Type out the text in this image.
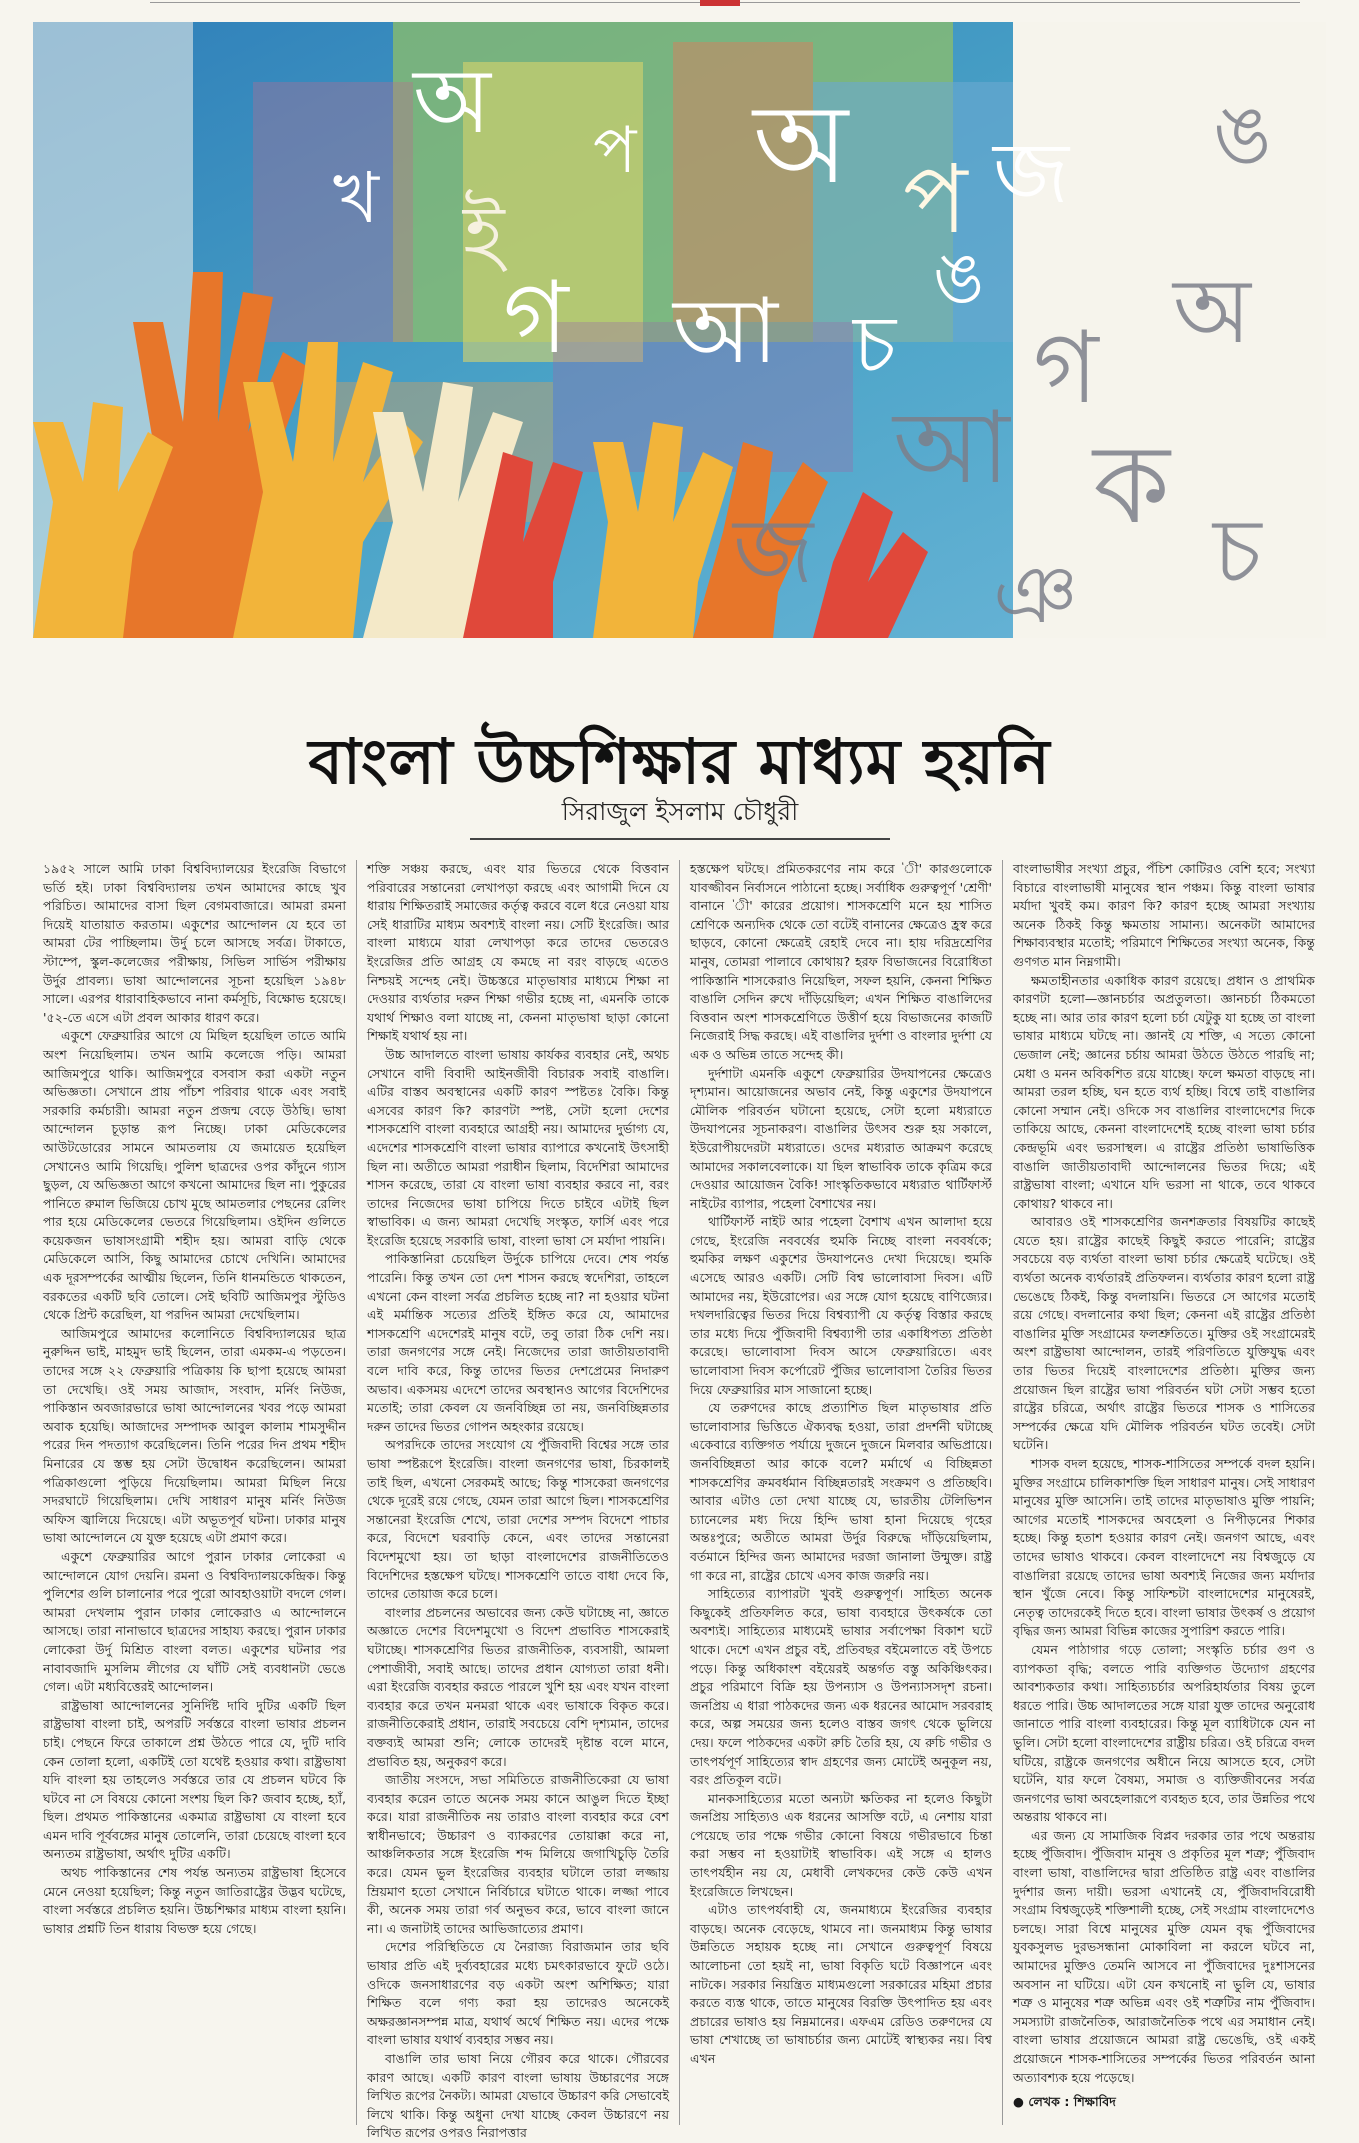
অ
ই
প অ প
খ
গ আ চ
ঙ
জ
গ অ
ক
আ
চ
জ
ঙ
ঞ
বাংলা উচ্চশিক্ষার মাধ্যম হয়নি
সিরাজুল ইসলাম চৌধুরী

১৯৫২ সালে আমি ঢাকা বিশ্ববিদ্যালয়ের ইংরেজি বিভাগে ভর্তি হই। ঢাকা বিশ্ববিদ্যালয় তখন আমাদের কাছে খুব পরিচিত। আমাদের বাসা ছিল বেগমবাজারে। আমরা রমনা দিয়েই যাতায়াত করতাম। একুশের আন্দোলন যে হবে তা আমরা টের পাচ্ছিলাম। উর্দু চলে আসছে সর্বত্র। টাকাতে, স্টাম্পে, স্কুল-কলেজের পরীক্ষায়, সিভিল সার্ভিস পরীক্ষায় উর্দুর প্রাবল্য। ভাষা আন্দোলনের সূচনা হয়েছিল ১৯৪৮ সালে। এরপর ধারাবাহিকভাবে নানা কর্মসূচি, বিক্ষোভ হয়েছে। '৫২-তে এসে এটা প্রবল আকার ধারণ করে।

একুশে ফেব্রুয়ারির আগে যে মিছিল হয়েছিল তাতে আমি অংশ নিয়েছিলাম। তখন আমি কলেজে পড়ি। আমরা আজিমপুরে থাকি। আজিমপুরে বসবাস করা একটা নতুন অভিজ্ঞতা। সেখানে প্রায় পাঁচশ পরিবার থাকে এবং সবাই সরকারি কর্মচারী। আমরা নতুন প্রজন্ম বেড়ে উঠছি। ভাষা আন্দোলন চূড়ান্ত রূপ নিচ্ছে। ঢাকা মেডিকেলের আউটডোরের সামনে আমতলায় যে জমায়েত হয়েছিল সেখানেও আমি গিয়েছি। পুলিশ ছাত্রদের ওপর কাঁদুনে গ্যাস ছুড়ল, যে অভিজ্ঞতা আগে কখনো আমাদের ছিল না। পুকুরের পানিতে রুমাল ভিজিয়ে চোখ মুছে আমতলার পেছনের রেলিং পার হয়ে মেডিকেলের ভেতরে গিয়েছিলাম। ওইদিন গুলিতে কয়েকজন ভাষাসংগ্রামী শহীদ হয়। আমরা বাড়ি থেকে মেডিকেলে আসি, কিছু আমাদের চোখে দেখিনি। আমাদের এক দূরসম্পর্কের আত্মীয় ছিলেন, তিনি ধানমন্ডিতে থাকতেন, বরকতের একটি ছবি তোলে। সেই ছবিটি আজিমপুর স্টুডিও থেকে প্রিন্ট করেছিল, যা পরদিন আমরা দেখেছিলাম।

আজিমপুরে আমাদের কলোনিতে বিশ্ববিদ্যালয়ের ছাত্র নুরুদ্দিন ভাই, মাহমুদ ভাই ছিলেন, তারা এমকম-এ পড়তেন। তাদের সঙ্গে ২২ ফেব্রুয়ারি পত্রিকায় কি ছাপা হয়েছে আমরা তা দেখেছি। ওই সময় আজাদ, সংবাদ, মর্নিং নিউজ, পাকিস্তান অবজারভারে ভাষা আন্দোলনের খবর পড়ে আমরা অবাক হয়েছি। আজাদের সম্পাদক আবুল কালাম শামসুদ্দীন পরের দিন পদত্যাগ করেছিলেন। তিনি পরের দিন প্রথম শহীদ মিনারের যে স্তম্ভ হয় সেটা উদ্বোধন করেছিলেন। আমরা পত্রিকাগুলো পুড়িয়ে দিয়েছিলাম। আমরা মিছিল নিয়ে সদরঘাটে গিয়েছিলাম। দেখি সাধারণ মানুষ মর্নিং নিউজ অফিস জ্বালিয়ে দিয়েছে। এটা অভূতপূর্ব ঘটনা। ঢাকার মানুষ ভাষা আন্দোলনে যে যুক্ত হয়েছে এটা প্রমাণ করে।

একুশে ফেব্রুয়ারির আগে পুরান ঢাকার লোকেরা এ আন্দোলনে যোগ দেয়নি। রমনা ও বিশ্ববিদ্যালয়কেন্দ্রিক। কিন্তু পুলিশের গুলি চালানোর পরে পুরো আবহাওয়াটা বদলে গেল। আমরা দেখলাম পুরান ঢাকার লোকেরাও এ আন্দোলনে আসছে। তারা নানাভাবে ছাত্রদের সাহায্য করছে। পুরান ঢাকার লোকেরা উর্দু মিশ্রিত বাংলা বলত। একুশের ঘটনার পর নাবাবজাদি মুসলিম লীগের যে ঘাঁটি সেই ব্যবধানটা ভেঙে গেল। এটা মধ্যবিত্তেরই আন্দোলন।

রাষ্ট্রভাষা আন্দোলনের সুনির্দিষ্ট দাবি দুটির একটি ছিল রাষ্ট্রভাষা বাংলা চাই, অপরটি সর্বস্তরে বাংলা ভাষার প্রচলন চাই। পেছনে ফিরে তাকালে প্রশ্ন উঠতে পারে যে, দুটি দাবি কেন তোলা হলো, একটিই তো যথেষ্ট হওয়ার কথা। রাষ্ট্রভাষা যদি বাংলা হয় তাহলেও সর্বস্তরে তার যে প্রচলন ঘটবে কি ঘটবে না সে বিষয়ে কোনো সংশয় ছিল কি? জবাব হচ্ছে, হ্যাঁ, ছিল। প্রথমত পাকিস্তানের একমাত্র রাষ্ট্রভাষা যে বাংলা হবে এমন দাবি পূর্ববঙ্গের মানুষ তোলেনি, তারা চেয়েছে বাংলা হবে অন্যতম রাষ্ট্রভাষা, অর্থাৎ দুটির একটি।

অথচ পাকিস্তানের শেষ পর্যন্ত অন্যতম রাষ্ট্রভাষা হিসেবে মেনে নেওয়া হয়েছিল; কিন্তু নতুন জাতিরাষ্ট্রের উদ্ভব ঘটেছে, বাংলা সর্বস্তরে প্রচলিত হয়নি। উচ্চশিক্ষার মাধ্যম বাংলা হয়নি। ভাষার প্রশ্নটি তিন ধারায় বিভক্ত হয়ে গেছে।

শক্তি সঞ্চয় করছে, এবং যার ভিতরে থেকে বিত্তবান পরিবারের সন্তানেরা লেখাপড়া করছে এবং আগামী দিনে যে ধারায় শিক্ষিতরাই সমাজের কর্তৃত্ব করবে বলে ধরে নেওয়া যায় সেই ধারাটির মাধ্যম অবশ্যই বাংলা নয়। সেটি ইংরেজি। আর বাংলা মাধ্যমে যারা লেখাপড়া করে তাদের ভেতরেও ইংরেজির প্রতি আগ্রহ যে কমছে না বরং বাড়ছে এতেও নিশ্চয়ই সন্দেহ নেই। উচ্চস্তরে মাতৃভাষার মাধ্যমে শিক্ষা না দেওয়ার ব্যর্থতার দরুন শিক্ষা গভীর হচ্ছে না, এমনকি তাকে যথার্থ শিক্ষাও বলা যাচ্ছে না, কেননা মাতৃভাষা ছাড়া কোনো শিক্ষাই যথার্থ হয় না।

উচ্চ আদালতে বাংলা ভাষায় কার্যকর ব্যবহার নেই, অথচ সেখানে বাদী বিবাদী আইনজীবী বিচারক সবাই বাঙালি। এটির বাস্তব অবস্থানের একটি কারণ স্পষ্টতঃ বৈকি। কিন্তু এসবের কারণ কি? কারণটা স্পষ্ট, সেটা হলো দেশের শাসকশ্রেণি বাংলা ব্যবহারে আগ্রহী নয়। আমাদের দুর্ভাগ্য যে, এদেশের শাসকশ্রেণি বাংলা ভাষার ব্যাপারে কখনোই উৎসাহী ছিল না। অতীতে আমরা পরাধীন ছিলাম, বিদেশিরা আমাদের শাসন করেছে, তারা যে বাংলা ভাষা ব্যবহার করবে না, বরং তাদের নিজেদের ভাষা চাপিয়ে দিতে চাইবে এটাই ছিল স্বাভাবিক। এ জন্য আমরা দেখেছি সংস্কৃত, ফার্সি এবং পরে ইংরেজি হয়েছে সরকারি ভাষা, বাংলা ভাষা সে মর্যাদা পায়নি।

পাকিস্তানিরা চেয়েছিল উর্দুকে চাপিয়ে দেবে। শেষ পর্যন্ত পারেনি। কিন্তু তখন তো দেশ শাসন করছে স্বদেশিরা, তাহলে এখনো কেন বাংলা সর্বত্র প্রচলিত হচ্ছে না? না হওয়ার ঘটনা এই মর্মান্তিক সত্যের প্রতিই ইঙ্গিত করে যে, আমাদের শাসকশ্রেণি এদেশেরই মানুষ বটে, তবু তারা ঠিক দেশি নয়। তারা জনগণের সঙ্গে নেই। নিজেদের তারা জাতীয়তাবাদী বলে দাবি করে, কিন্তু তাদের ভিতর দেশপ্রেমের নিদারুণ অভাব। একসময় এদেশে তাদের অবস্থানও আগের বিদেশিদের মতোই; তারা কেবল যে জনবিচ্ছিন্ন তা নয়, জনবিচ্ছিন্নতার দরুন তাদের ভিতর গোপন অহংকার রয়েছে।

অপরদিকে তাদের সংযোগ যে পুঁজিবাদী বিশ্বের সঙ্গে তার ভাষা স্পষ্টরূপে ইংরেজি। বাংলা জনগণের ভাষা, চিরকালই তাই ছিল, এখনো সেরকমই আছে; কিন্তু শাসকেরা জনগণের থেকে দূরেই রয়ে গেছে, যেমন তারা আগে ছিল। শাসকশ্রেণির সন্তানেরা ইংরেজি শেখে, তারা দেশের সম্পদ বিদেশে পাচার করে, বিদেশে ঘরবাড়ি কেনে, এবং তাদের সন্তানেরা বিদেশমুখো হয়। তা ছাড়া বাংলাদেশের রাজনীতিতেও বিদেশিদের হস্তক্ষেপ ঘটছে। শাসকশ্রেণি তাতে বাধা দেবে কি, তাদের তোয়াজ করে চলে।

বাংলার প্রচলনের অভাবের জন্য কেউ ঘটাচ্ছে না, জ্ঞাতে অজ্ঞাতে দেশের বিদেশমুখো ও বিদেশ প্রভাবিত শাসকেরাই ঘটাচ্ছে। শাসকশ্রেণির ভিতর রাজনীতিক, ব্যবসায়ী, আমলা পেশাজীবী, সবাই আছে। তাদের প্রধান যোগ্যতা তারা ধনী। এরা ইংরেজি ব্যবহার করতে পারলে খুশি হয় এবং যখন বাংলা ব্যবহার করে তখন মনমরা থাকে এবং ভাষাকে বিকৃত করে। রাজনীতিকেরাই প্রধান, তারাই সবচেয়ে বেশি দৃশ্যমান, তাদের বক্তব্যই আমরা শুনি; লোকে তাদেরই দৃষ্টান্ত বলে মানে, প্রভাবিত হয়, অনুকরণ করে।

জাতীয় সংসদে, সভা সমিতিতে রাজনীতিকেরা যে ভাষা ব্যবহার করেন তাতে অনেক সময় কানে আঙুল দিতে ইচ্ছা করে। যারা রাজনীতিক নয় তারাও বাংলা ব্যবহার করে বেশ স্বাধীনভাবে; উচ্চারণ ও ব্যাকরণের তোয়াক্কা করে না, আঞ্চলিকতার সঙ্গে ইংরেজি শব্দ মিলিয়ে জগাখিচুড়ি তৈরি করে। যেমন ভুল ইংরেজির ব্যবহার ঘটালে তারা লজ্জায় ম্রিয়মাণ হতো সেখানে নির্বিচারে ঘটাতে থাকে। লজ্জা পাবে কী, অনেক সময় তারা গর্ব অনুভব করে, ভাবে বাংলা জানে না। এ জনাটাই তাদের আভিজাত্যের প্রমাণ।

দেশের পরিস্থিতিতে যে নৈরাজ্য বিরাজমান তার ছবি ভাষার প্রতি এই দুর্ব্যবহারের মধ্যে চমৎকারভাবে ফুটে ওঠে। ওদিকে জনসাধারণের বড় একটা অংশ অশিক্ষিত; যারা শিক্ষিত বলে গণ্য করা হয় তাদেরও অনেকেই অক্ষরজ্ঞানসম্পন্ন মাত্র, যথার্থ অর্থে শিক্ষিত নয়। এদের পক্ষে বাংলা ভাষার যথার্থ ব্যবহার সম্ভব নয়।

বাঙালি তার ভাষা নিয়ে গৌরব করে থাকে। গৌরবের কারণ আছে। একটি কারণ বাংলা ভাষায় উচ্চারণের সঙ্গে লিখিত রূপের নৈকট্য। আমরা যেভাবে উচ্চারণ করি সেভাবেই লিখে থাকি। কিন্তু অধুনা দেখা যাচ্ছে কেবল উচ্চারণে নয় লিখিত রূপের ওপরও নিরাপত্তার

হস্তক্ষেপ ঘটছে। প্রমিতকরণের নাম করে 'ী' কারগুলোকে যাবজ্জীবন নির্বাসনে পাঠানো হচ্ছে। সর্বাধিক গুরুত্বপূর্ণ 'শ্রেণী' বানানে 'ী' কারের প্রয়োগ। শাসকশ্রেণি মনে হয় শাসিত শ্রেণিকে অন্যদিক থেকে তো বটেই বানানের ক্ষেত্রেও হ্রস্ব করে ছাড়বে, কোনো ক্ষেত্রেই রেহাই দেবে না। হায় দরিদ্রশ্রেণির মানুষ, তোমরা পালাবে কোথায়? হরফ বিভাজনের বিরোধিতা পাকিস্তানি শাসকেরাও নিয়েছিল, সফল হয়নি, কেননা শিক্ষিত বাঙালি সেদিন রুখে দাঁড়িয়েছিল; এখন শিক্ষিত বাঙালিদের বিত্তবান অংশ শাসকশ্রেণিতে উত্তীর্ণ হয়ে বিভাজনের কাজটি নিজেরাই সিদ্ধ করছে। এই বাঙালির দুর্দশা ও বাংলার দুর্দশা যে এক ও অভিন্ন তাতে সন্দেহ কী।

দুর্দশাটা এমনকি একুশে ফেব্রুয়ারির উদযাপনের ক্ষেত্রেও দৃশ্যমান। আয়োজনের অভাব নেই, কিন্তু একুশের উদযাপনে মৌলিক পরিবর্তন ঘটানো হয়েছে, সেটা হলো মধ্যরাতে উদযাপনের সূচনাকরণ। বাঙালির উৎসব শুরু হয় সকালে, ইউরোপীয়দেরটা মধ্যরাতে। ওদের মধ্যরাত আক্রমণ করেছে আমাদের সকালবেলাকে। যা ছিল স্বাভাবিক তাকে কৃত্রিম করে দেওয়ার আয়োজন বৈকি! সাংস্কৃতিকভাবে মধ্যরাত থার্টিফার্স্ট নাইটের ব্যাপার, পহেলা বৈশাখের নয়।

থার্টিফার্স্ট নাইট আর পহেলা বৈশাখ এখন আলাদা হয়ে গেছে, ইংরেজি নববর্ষের হুমকি নিচ্ছে বাংলা নববর্ষকে; হুমকির লক্ষণ একুশের উদযাপনেও দেখা দিয়েছে। হুমকি এসেছে আরও একটি। সেটি বিশ্ব ভালোবাসা দিবস। এটি আমাদের নয়, ইউরোপের। এর সঙ্গে যোগ হয়েছে বাণিজ্যের। দখলদারিত্বের ভিতর দিয়ে বিশ্বব্যাপী যে কর্তৃত্ব বিস্তার করছে তার মধ্যে দিয়ে পুঁজিবাদী বিশ্বব্যাপী তার একাধিপত্য প্রতিষ্ঠা করেছে। ভালোবাসা দিবস আসে ফেব্রুয়ারিতে। এবং ভালোবাসা দিবস কর্পোরেট পুঁজির ভালোবাসা তৈরির ভিতর দিয়ে ফেব্রুয়ারির মাস সাজানো হচ্ছে।

যে তরুণদের কাছে প্রত্যাশিত ছিল মাতৃভাষার প্রতি ভালোবাসার ভিত্তিতে ঐক্যবদ্ধ হওয়া, তারা প্রদর্শনী ঘটাচ্ছে একেবারে ব্যক্তিগত পর্যায়ে দুজনে দুজনে মিলবার অভিপ্রায়ে। জনবিচ্ছিন্নতা আর কাকে বলে? মর্মার্থে এ বিচ্ছিন্নতা শাসকশ্রেণির ক্রমবর্ধমান বিচ্ছিন্নতারই সংক্রমণ ও প্রতিচ্ছবি। আবার এটাও তো দেখা যাচ্ছে যে, ভারতীয় টেলিভিশন চ্যানেলের মধ্য দিয়ে হিন্দি ভাষা হানা দিয়েছে গৃহের অন্তঃপুরে; অতীতে আমরা উর্দুর বিরুদ্ধে দাঁড়িয়েছিলাম, বর্তমানে হিন্দির জন্য আমাদের দরজা জানালা উন্মুক্ত। রাষ্ট্র গা করে না, রাষ্ট্রের চোখে এসব কাজ জরুরি নয়।

সাহিত্যের ব্যাপারটা খুবই গুরুত্বপূর্ণ। সাহিত্য অনেক কিছুকেই প্রতিফলিত করে, ভাষা ব্যবহারে উৎকর্ষকে তো অবশ্যই। সাহিত্যের মাধ্যমেই ভাষার সর্বাপেক্ষা বিকাশ ঘটে থাকে। দেশে এখন প্রচুর বই, প্রতিবছর বইমেলাতে বই উপচে পড়ে। কিন্তু অধিকাংশ বইয়েরই অন্তর্গত বস্তু অকিঞ্চিৎকর। প্রচুর পরিমাণে বিক্রি হয় উপন্যাস ও উপন্যাসসদৃশ রচনা। জনপ্রিয় এ ধারা পাঠকদের জন্য এক ধরনের আমোদ সরবরাহ করে, অল্প সময়ের জন্য হলেও বাস্তব জগৎ থেকে ভুলিয়ে দেয়। ফলে পাঠকদের একটা রুচি তৈরি হয়, যে রুচি গভীর ও তাৎপর্যপূর্ণ সাহিত্যের স্বাদ গ্রহণের জন্য মোটেই অনুকূল নয়, বরং প্রতিকূল বটে।

মানকসাহিত্যের মতো অন্যটা ক্ষতিকর না হলেও কিছুটা জনপ্রিয় সাহিত্যও এক ধরনের আসক্তি বটে, এ নেশায় যারা পেয়েছে তার পক্ষে গভীর কোনো বিষয়ে গভীরভাবে চিন্তা করা সম্ভব না হওয়াটাই স্বাভাবিক। এই সঙ্গে এ হালও তাৎপর্যহীন নয় যে, মেধাবী লেখকদের কেউ কেউ এখন ইংরেজিতে লিখছেন।

এটাও তাৎপর্যবাহী যে, জনমাধ্যমে ইংরেজির ব্যবহার বাড়ছে। অনেক বেড়েছে, থামবে না। জনমাধ্যম কিন্তু ভাষার উন্নতিতে সহায়ক হচ্ছে না। সেখানে গুরুত্বপূর্ণ বিষয়ে আলোচনা তো হয়ই না, ভাষা বিকৃতি ঘটে বিজ্ঞাপনে এবং নাটকে। সরকার নিয়ন্ত্রিত মাধ্যমগুলো সরকারের মহিমা প্রচার করতে ব্যস্ত থাকে, তাতে মানুষের বিরক্তি উৎপাদিত হয় এবং প্রচারের ভাষাও হয় নিম্নমানের। এফএম রেডিও তরুণদের যে ভাষা শেখাচ্ছে তা ভাষাচর্চার জন্য মোটেই স্বাস্থ্যকর নয়। বিশ্ব এখন

বাংলাভাষীর সংখ্যা প্রচুর, পঁচিশ কোটিরও বেশি হবে; সংখ্যা বিচারে বাংলাভাষী মানুষের স্থান পঞ্চম। কিন্তু বাংলা ভাষার মর্যাদা খুবই কম। কারণ কি? কারণ হচ্ছে আমরা সংখ্যায় অনেক ঠিকই কিন্তু ক্ষমতায় সামান্য। অনেকটা আমাদের শিক্ষাব্যবস্থার মতোই; পরিমাণে শিক্ষিতের সংখ্যা অনেক, কিন্তু গুণগত মান নিম্নগামী।

ক্ষমতাহীনতার একাধিক কারণ রয়েছে। প্রধান ও প্রাথমিক কারণটা হলো—জ্ঞানচর্চার অপ্রতুলতা। জ্ঞানচর্চা ঠিকমতো হচ্ছে না। আর তার কারণ হলো চর্চা যেটুকু যা হচ্ছে তা বাংলা ভাষার মাধ্যমে ঘটছে না। জ্ঞানই যে শক্তি, এ সত্যে কোনো ভেজাল নেই; জ্ঞানের চর্চায় আমরা উঠতে উঠতে পারছি না; মেধা ও মনন অবিকশিত রয়ে যাচ্ছে। ফলে ক্ষমতা বাড়ছে না। আমরা তরল হচ্ছি, ঘন হতে ব্যর্থ হচ্ছি। বিশ্বে তাই বাঙালির কোনো সম্মান নেই। ওদিকে সব বাঙালির বাংলাদেশের দিকে তাকিয়ে আছে, কেননা বাংলাদেশেই হচ্ছে বাংলা ভাষা চর্চার কেন্দ্রভূমি এবং ভরসাস্থল। এ রাষ্ট্রের প্রতিষ্ঠা ভাষাভিত্তিক বাঙালি জাতীয়তাবাদী আন্দোলনের ভিতর দিয়ে; এই রাষ্ট্রভাষা বাংলা; এখানে যদি ভরসা না থাকে, তবে থাকবে কোথায়? থাকবে না।

আবারও ওই শাসকশ্রেণির জনশক্রতার বিষয়টির কাছেই যেতে হয়। রাষ্ট্রের কাছেই কিছুই করতে পারেনি; রাষ্ট্রের সবচেয়ে বড় ব্যর্থতা বাংলা ভাষা চর্চার ক্ষেত্রেই ঘটেছে। ওই ব্যর্থতা অনেক ব্যর্থতারই প্রতিফলন। ব্যর্থতার কারণ হলো রাষ্ট্র ভেঙেছে ঠিকই, কিন্তু বদলায়নি। ভিতরে সে আগের মতোই রয়ে গেছে। বদলানোর কথা ছিল; কেননা এই রাষ্ট্রের প্রতিষ্ঠা বাঙালির মুক্তি সংগ্রামের ফলশ্রুতিতে। মুক্তির ওই সংগ্রামেরই অংশ রাষ্ট্রভাষা আন্দোলন, তারই পরিণতিতে যুক্তিযুদ্ধ এবং তার ভিতর দিয়েই বাংলাদেশের প্রতিষ্ঠা। মুক্তির জন্য প্রয়োজন ছিল রাষ্ট্রের ভাষা পরিবর্তন ঘটা সেটা সম্ভব হতো রাষ্ট্রের চরিত্রে, অর্থাৎ রাষ্ট্রের ভিতরে শাসক ও শাসিতের সম্পর্কের ক্ষেত্রে যদি মৌলিক পরিবর্তন ঘটত তবেই। সেটা ঘটেনি।

শাসক বদল হয়েছে, শাসক-শাসিতের সম্পর্কে বদল হয়নি। মুক্তির সংগ্রামে চালিকাশক্তি ছিল সাধারণ মানুষ। সেই সাধারণ মানুষের মুক্তি আসেনি। তাই তাদের মাতৃভাষাও মুক্তি পায়নি; আগের মতোই শাসকদের অবহেলা ও নিপীড়নের শিকার হচ্ছে। কিন্তু হতাশ হওয়ার কারণ নেই। জনগণ আছে, এবং তাদের ভাষাও থাকবে। কেবল বাংলাদেশে নয় বিশ্বজুড়ে যে বাঙালিরা রয়েছে তাদের ভাষা অবশ্যই নিজের জন্য মর্যাদার স্থান খুঁজে নেবে। কিন্তু সাফিশ্চটা বাংলাদেশের মানুষেরই, নেতৃত্ব তাদেরকেই দিতে হবে। বাংলা ভাষার উৎকর্ষ ও প্রয়োগ বৃদ্ধির জন্য আমরা বিভিন্ন কাজের সুপারিশ করতে পারি।

যেমন পাঠাগার গড়ে তোলা; সংস্কৃতি চর্চার গুণ ও ব্যাপকতা বৃদ্ধি; বলতে পারি ব্যক্তিগত উদ্যোগ গ্রহণের আবশ্যকতার কথা। সাহিত্যচর্চার অপরিহার্যতার বিষয় তুলে ধরতে পারি। উচ্চ আদালতের সঙ্গে যারা যুক্ত তাদের অনুরোধ জানাতে পারি বাংলা ব্যবহারের। কিন্তু মূল ব্যাধিটাকে যেন না ভুলি। সেটা হলো বাংলাদেশের রাষ্ট্রীয় চরিত্র। ওই চরিত্রে বদল ঘটিয়ে, রাষ্ট্রকে জনগণের অধীনে নিয়ে আসতে হবে, সেটা ঘটেনি, যার ফলে বৈষম্য, সমাজ ও ব্যক্তিজীবনের সর্বত্র জনগণের ভাষা অবহেলারূপে ব্যবহৃত হবে, তার উন্নতির পথে অন্তরায় থাকবে না।

এর জন্য যে সামাজিক বিপ্লব দরকার তার পথে অন্তরায় হচ্ছে পুঁজিবাদ। পুঁজিবাদ মানুষ ও প্রকৃতির মূল শত্রু; পুঁজিবাদ বাংলা ভাষা, বাঙালিদের দ্বারা প্রতিষ্ঠিত রাষ্ট্র এবং বাঙালির দুর্দশার জন্য দায়ী। ভরসা এখানেই যে, পুঁজিবাদবিরোধী সংগ্রাম বিশ্বজুড়েই শক্তিশালী হচ্ছে, সেই সংগ্রাম বাংলাদেশেও চলছে। সারা বিশ্বে মানুষের মুক্তি যেমন বৃদ্ধ পুঁজিবাদের যুবকসুলভ দুরভসন্ধানা মোকাবিলা না করলে ঘটবে না, আমাদের মুক্তিও তেমনি আসবে না পুঁজিবাদের দুঃশাসনের অবসান না ঘটিয়ে। এটা যেন কখনোই না ভুলি যে, ভাষার শত্রু ও মানুষের শত্রু অভিন্ন এবং ওই শত্রুটির নাম পুঁজিবাদ। সমস্যাটা রাজনৈতিক, আরাজনৈতিক পথে এর সমাধান নেই। বাংলা ভাষার প্রয়োজনে আমরা রাষ্ট্র ভেঙেছি, ওই একই প্রয়োজনে শাসক-শাসিতের সম্পর্কের ভিতর পরিবর্তন আনা অত্যাবশ্যক হয়ে পড়েছে।

● লেখক : শিক্ষাবিদ
